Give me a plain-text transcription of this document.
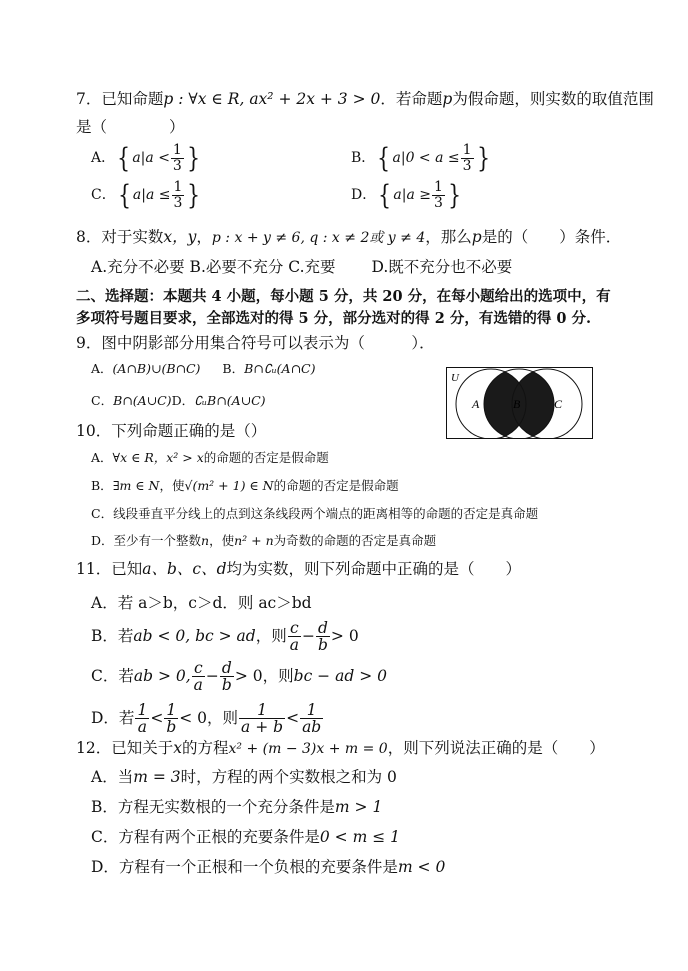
7．已知命题p : ∀x ∈ R, ax² + 2x + 3 > 0．若命题p为假命题，则实数的取值范围
是（　　　　）
A．{ $a|a < \frac{1}{3}$ }	B．{ $a|0 < a \le \frac{1}{3}$ }
C．{ $a|a \le \frac{1}{3}$ }	D．{ $a|a \ge \frac{1}{3}$ }
8．对于实数x，y，p : x + y ≠ 6, q : x ≠ 2或 y ≠ 4，那么p是的（　　）条件．
A.充分不必要 B.必要不充分 C.充要　　 D.既不充分也不必要
二、选择题：本题共 4 小题，每小题 5 分，共 20 分，在每小题给出的选项中，有
多项符号题目要求，全部选对的得 5 分，部分选对的得 2 分，有选错的得 0 分.
9．图中阴影部分用集合符号可以表示为（　　　）．
A．(A∩B)∪(B∩C) B．B∩∁ᵤ(A∩C)
C．B∩(A∪C)D．∁ᵤB∩(A∪C)
U
A	B	C
10．下列命题正确的是（）
A．∀x ∈ R，x² > x的命题的否定是假命题
B．∃m ∈ N，使√(m² + 1) ∈ N的命题的否定是假命题
C．线段垂直平分线上的点到这条线段两个端点的距离相等的命题的否定是真命题
D．至少有一个整数n，使n² + n为奇数的命题的否定是真命题
11．已知a、b、c、d均为实数，则下列命题中正确的是（　　）
A．若 a＞b，c＞d．则 ac＞bd
B．若ab < 0, bc > ad，则 $\frac{c}{a} - \frac{d}{b} > 0$
C．若ab > 0, $\frac{c}{a} - \frac{d}{b} > 0$，则bc − ad > 0
D．若 $\frac{1}{a} < \frac{1}{b} < 0$，则 $\frac{1}{a + b} < \frac{1}{ab}$
12．已知关于x的方程x² + (m − 3)x + m = 0，则下列说法正确的是（　　）
A．当m = 3时，方程的两个实数根之和为 0
B．方程无实数根的一个充分条件是m > 1
C．方程有两个正根的充要条件是0 < m ≤ 1
D．方程有一个正根和一个负根的充要条件是m < 0
